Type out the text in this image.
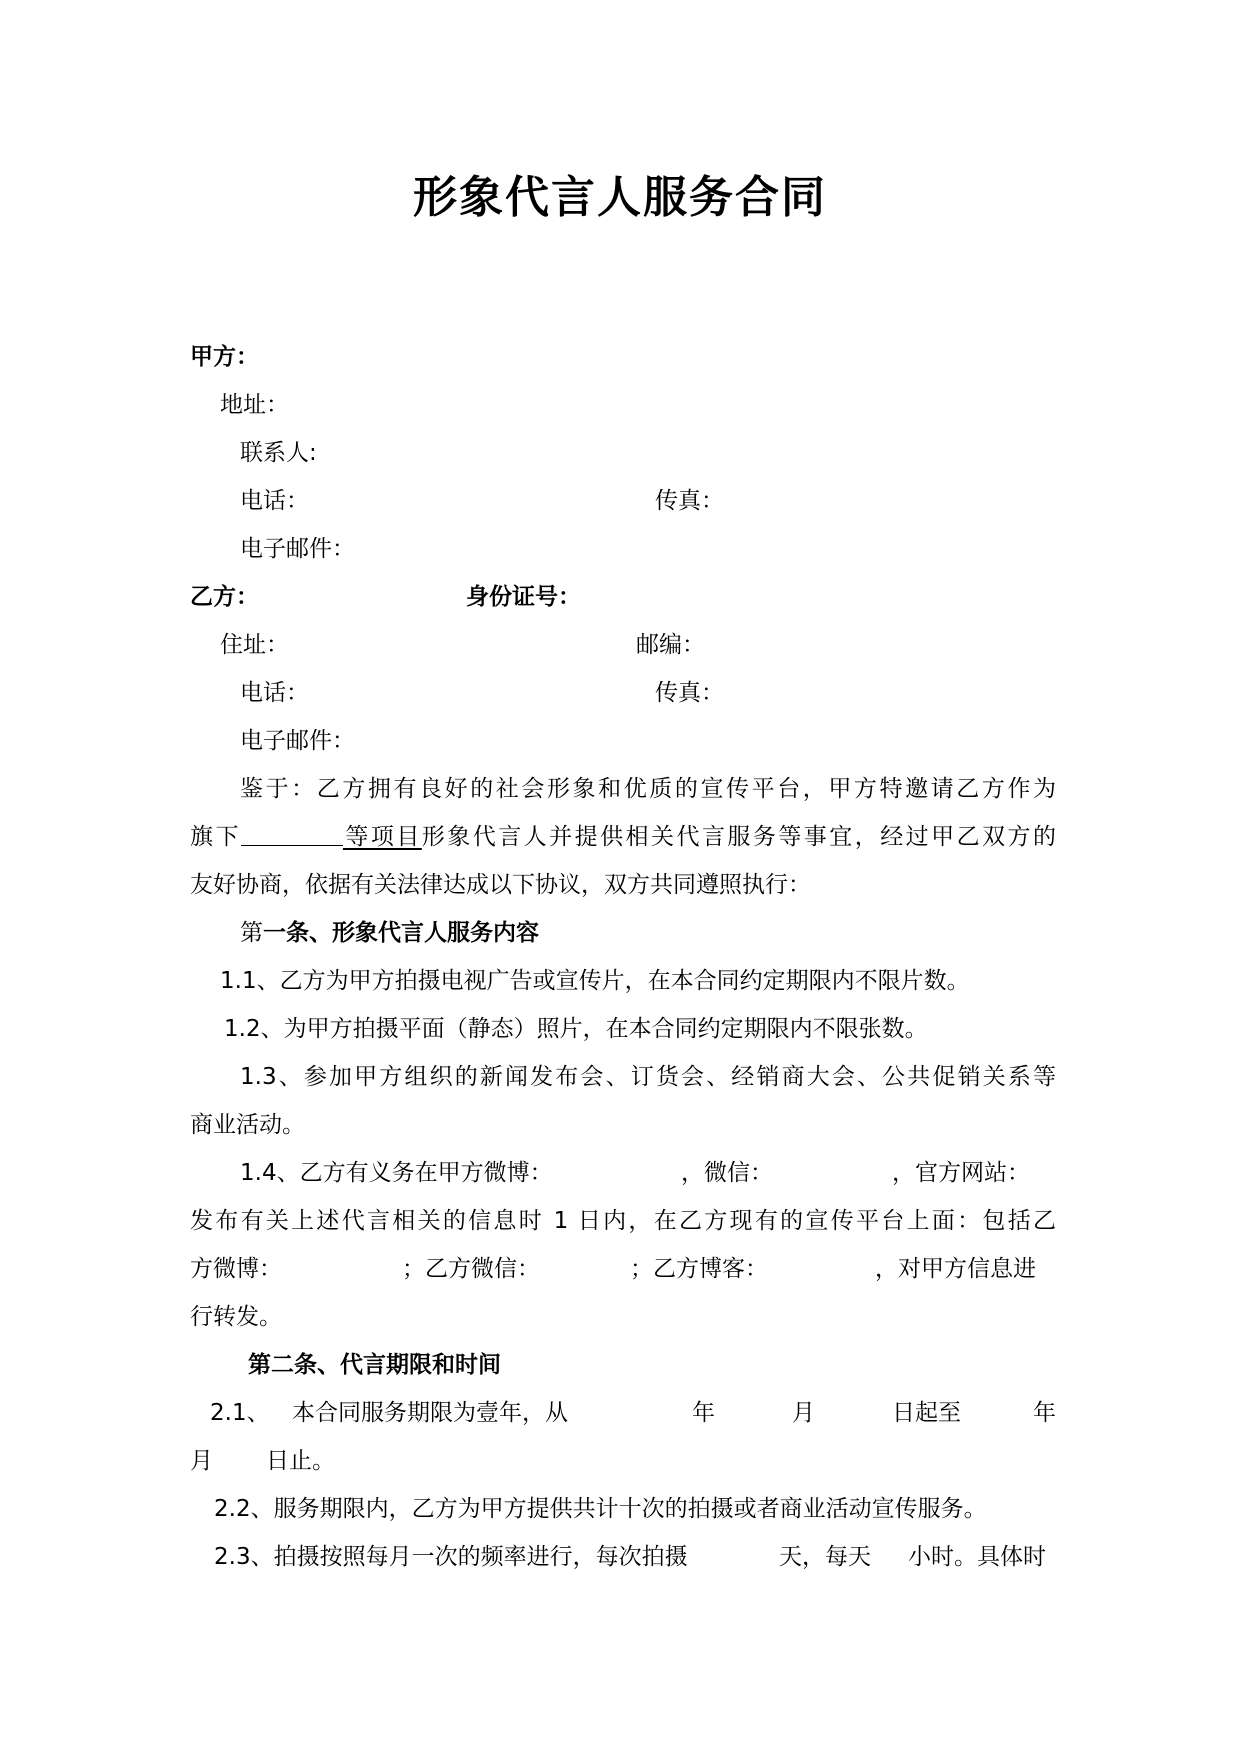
形象代言人服务合同
甲方：
地址：
联系人:
电话：	传真：
电子邮件：
乙方：	身份证号：
住址：	邮编：
电话：	传真：
电子邮件：
鉴于：乙方拥有良好的社会形象和优质的宣传平台，甲方特邀请乙方作为
旗下	等项目形象代言人并提供相关代言服务等事宜，经过甲乙双方的
友好协商，依据有关法律达成以下协议，双方共同遵照执行：
第一条、形象代言人服务内容
1.1、乙方为甲方拍摄电视广告或宣传片，在本合同约定期限内不限片数。
1.2、为甲方拍摄平面（静态）照片，在本合同约定期限内不限张数。
1.3、参加甲方组织的新闻发布会、订货会、经销商大会、公共促销关系等
商业活动。
1.4、乙方有义务在甲方微博：	，微信：	，官方网站：
发布有关上述代言相关的信息时 1 日内，在乙方现有的宣传平台上面：包括乙
方微博：	；乙方微信：	；乙方博客：	，对甲方信息进
行转发。
第二条、代言期限和时间
2.1、 本合同服务期限为壹年，从	年	月	日起至	年
月 日止。
2.2、服务期限内，乙方为甲方提供共计十次的拍摄或者商业活动宣传服务。
2.3、拍摄按照每月一次的频率进行，每次拍摄	天，每天 小时。具体时
